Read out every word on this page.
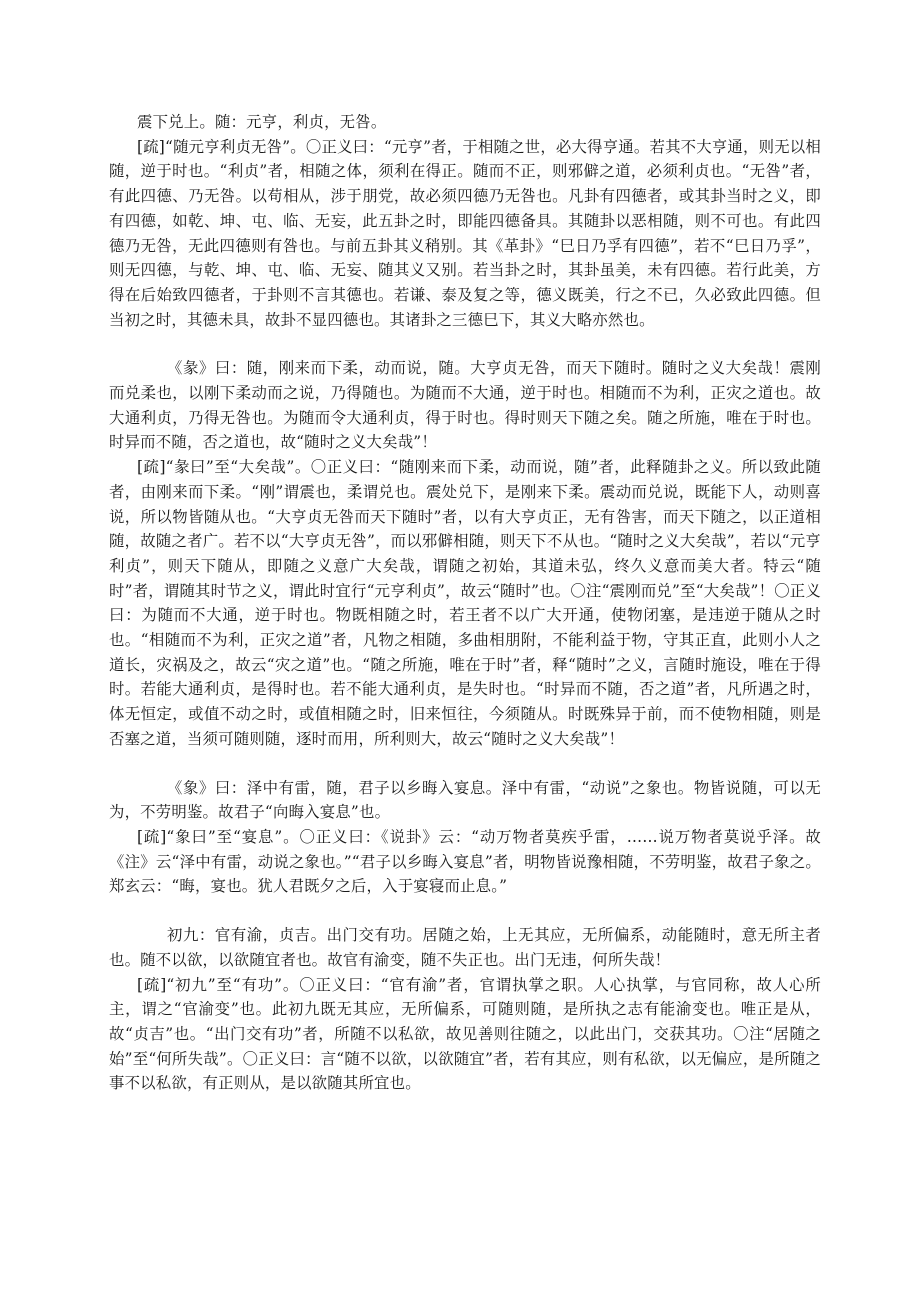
震下兑上。随：元亨，利贞，无咎。

[疏]“随元亨利贞无咎”。〇正义曰：“元亨”者，于相随之世，必大得亨通。若其不大亨通，则无以相随，逆于时也。“利贞”者，相随之体，须利在得正。随而不正，则邪僻之道，必须利贞也。“无咎”者，有此四德、乃无咎。以苟相从，涉于朋党，故必须四德乃无咎也。凡卦有四德者，或其卦当时之义，即有四德，如乾、坤、屯、临、无妄，此五卦之时，即能四德备具。其随卦以恶相随，则不可也。有此四德乃无咎，无此四德则有咎也。与前五卦其义稍别。其《革卦》“巳日乃孚有四德”，若不“巳日乃孚”，则无四德，与乾、坤、屯、临、无妄、随其义又别。若当卦之时，其卦虽美，未有四德。若行此美，方得在后始致四德者，于卦则不言其德也。若谦、泰及复之等，德义既美，行之不已，久必致此四德。但当初之时，其德未具，故卦不显四德也。其诸卦之三德巳下，其义大略亦然也。

《彖》曰：随，刚来而下柔，动而说，随。大亨贞无咎，而天下随时。随时之义大矣哉！震刚而兑柔也，以刚下柔动而之说，乃得随也。为随而不大通，逆于时也。相随而不为利，正灾之道也。故大通利贞，乃得无咎也。为随而令大通利贞，得于时也。得时则天下随之矣。随之所施，唯在于时也。时异而不随，否之道也，故“随时之义大矣哉”！

[疏]“彖曰”至“大矣哉”。〇正义曰：“随刚来而下柔，动而说，随”者，此释随卦之义。所以致此随者，由刚来而下柔。“刚”谓震也，柔谓兑也。震处兑下，是刚来下柔。震动而兑说，既能下人，动则喜说，所以物皆随从也。“大亨贞无咎而天下随时”者，以有大亨贞正，无有咎害，而天下随之，以正道相随，故随之者广。若不以“大亨贞无咎”，而以邪僻相随，则天下不从也。“随时之义大矣哉”，若以“元亨利贞”，则天下随从，即随之义意广大矣哉，谓随之初始，其道未弘，终久义意而美大者。特云“随时”者，谓随其时节之义，谓此时宜行“元亨利贞”，故云“随时”也。〇注“震刚而兑”至“大矣哉”！〇正义曰：为随而不大通，逆于时也。物既相随之时，若王者不以广大开通，使物闭塞，是违逆于随从之时也。“相随而不为利，正灾之道”者，凡物之相随，多曲相朋附，不能利益于物，守其正直，此则小人之道长，灾祸及之，故云“灾之道”也。“随之所施，唯在于时”者，释“随时”之义，言随时施设，唯在于得时。若能大通利贞，是得时也。若不能大通利贞，是失时也。“时异而不随，否之道”者，凡所遇之时，体无恒定，或值不动之时，或值相随之时，旧来恒往，今须随从。时既殊异于前，而不使物相随，则是否塞之道，当须可随则随，逐时而用，所利则大，故云“随时之义大矣哉”！

《象》曰：泽中有雷，随，君子以乡晦入宴息。泽中有雷，“动说”之象也。物皆说随，可以无为，不劳明鉴。故君子“向晦入宴息”也。

[疏]“象曰”至“宴息”。〇正义曰：《说卦》云：“动万物者莫疾乎雷，……说万物者莫说乎泽。故《注》云“泽中有雷，动说之象也。”“君子以乡晦入宴息”者，明物皆说豫相随，不劳明鉴，故君子象之。郑玄云：“晦，宴也。犹人君既夕之后，入于宴寝而止息。”

初九：官有渝，贞吉。出门交有功。居随之始，上无其应，无所偏系，动能随时，意无所主者也。随不以欲，以欲随宜者也。故官有渝变，随不失正也。出门无违，何所失哉！

[疏]“初九”至“有功”。〇正义曰：“官有渝”者，官谓执掌之职。人心执掌，与官同称，故人心所主，谓之“官渝变”也。此初九既无其应，无所偏系，可随则随，是所执之志有能渝变也。唯正是从，故“贞吉”也。“出门交有功”者，所随不以私欲，故见善则往随之，以此出门，交获其功。〇注“居随之始”至“何所失哉”。〇正义曰：言“随不以欲，以欲随宜”者，若有其应，则有私欲，以无偏应，是所随之事不以私欲，有正则从，是以欲随其所宜也。
